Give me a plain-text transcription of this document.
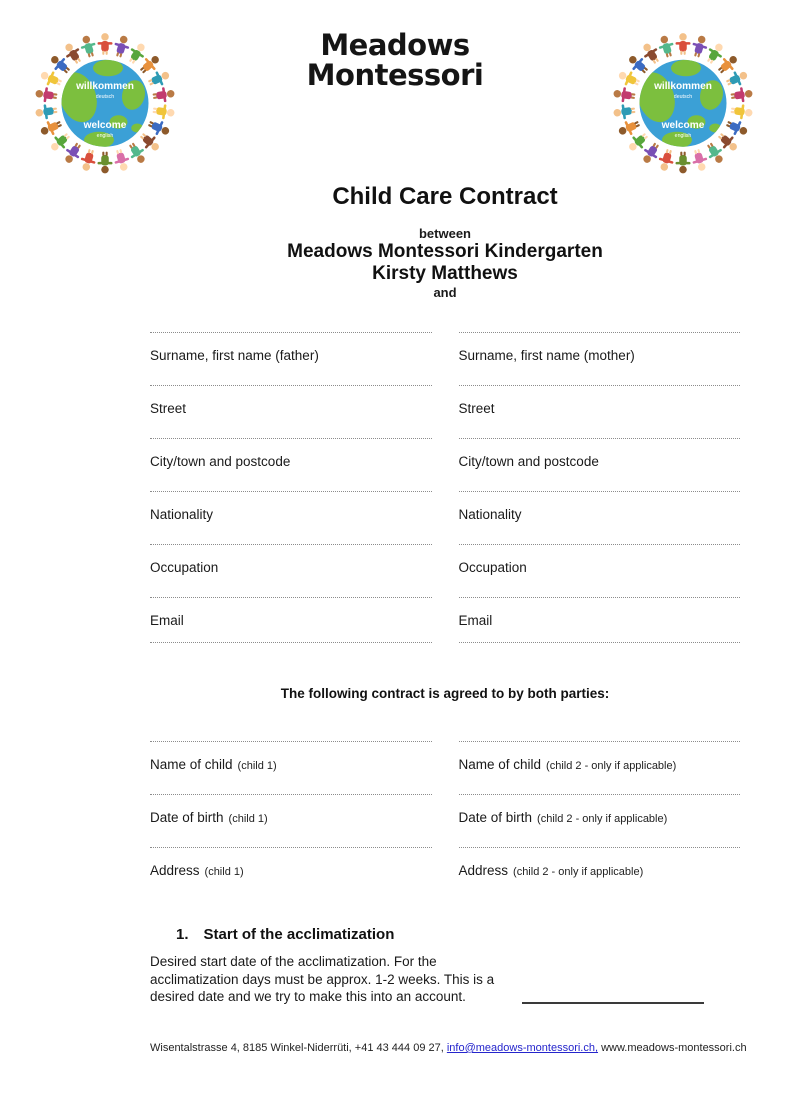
willkommen
deutsch
welcome
english
willkommen
deutsch
welcome
english
Meadows
Montessori
Child Care Contract
between
Meadows Montessori Kindergarten
Kirsty Matthews
and
Surname, first name (father)	Surname, first name (mother)
Street	Street
City/town and postcode	City/town and postcode
Nationality	Nationality
Occupation	Occupation
Email	Email
The following contract is agreed to by both parties:
Name of child (child 1)	Name of child (child 2 - only if applicable)
Date of birth (child 1)	Date of birth (child 2 - only if applicable)
Address (child 1)	Address (child 2 - only if applicable)
1. Start of the acclimatization

Desired start date of the acclimatization. For the acclimatization days must be approx. 1-2 weeks. This is a desired date and we try to make this into an account.

Wisentalstrasse 4, 8185 Winkel-Niderrüti, +41 43 444 09 27, info@meadows-montessori.ch, www.meadows-montessori.ch
